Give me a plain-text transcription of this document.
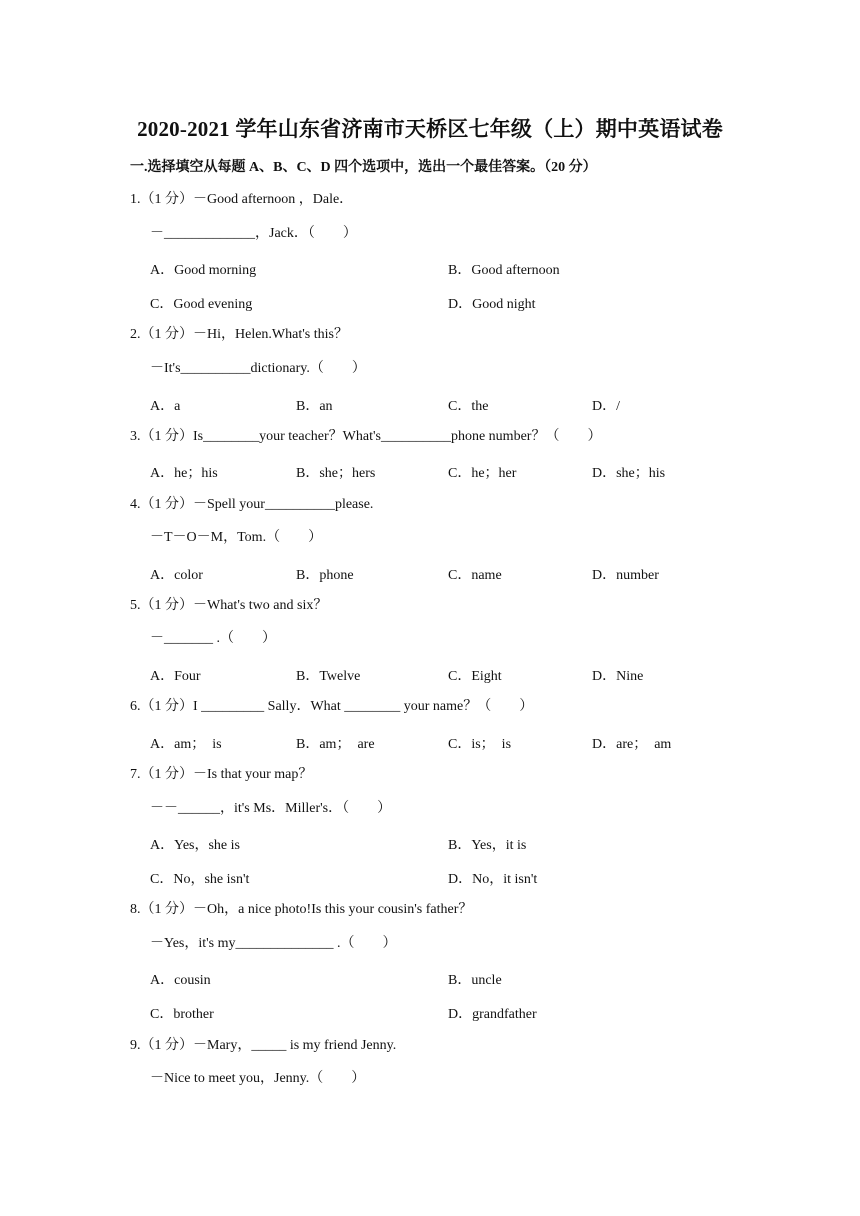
2020-2021 学年山东省济南市天桥区七年级（上）期中英语试卷
一.选择填空从每题 A、B、C、D 四个选项中，选出一个最佳答案。（20 分）
1.（1 分）－Good afternoon ，Dale．
－_____________，Jack．（　　）
A．Good morning	B．Good afternoon
C．Good evening	D．Good night
2.（1 分）－Hi，Helen.What's this？
－It's__________dictionary.（　　）
A．a	B．an	C．the	D．/
3.（1 分）Is________your teacher？What's__________phone number？（　　）
A．he；his	B．she；hers	C．he；her	D．she；his
4.（1 分）－Spell your__________please.
－T－O－M，Tom.（　　）
A．color	B．phone	C．name	D．number
5.（1 分）－What's two and six？
－_______ .（　　）
A．Four	B．Twelve	C．Eight	D．Nine
6.（1 分）I _________ Sally．What ________ your name？（　　）
A．am；　is	B．am；　are	C．is；　is	D．are；　am
7.（1 分）－Is that your map？
－－______，it's Ms．Miller's．（　　）
A．Yes，she is	B．Yes，it is
C．No，she isn't	D．No，it isn't
8.（1 分）－Oh，a nice photo!Is this your cousin's father？
－Yes，it's my______________ .（　　）
A．cousin	B．uncle
C．brother	D．grandfather
9.（1 分）－Mary，_____ is my friend Jenny.
－Nice to meet you，Jenny.（　　）
